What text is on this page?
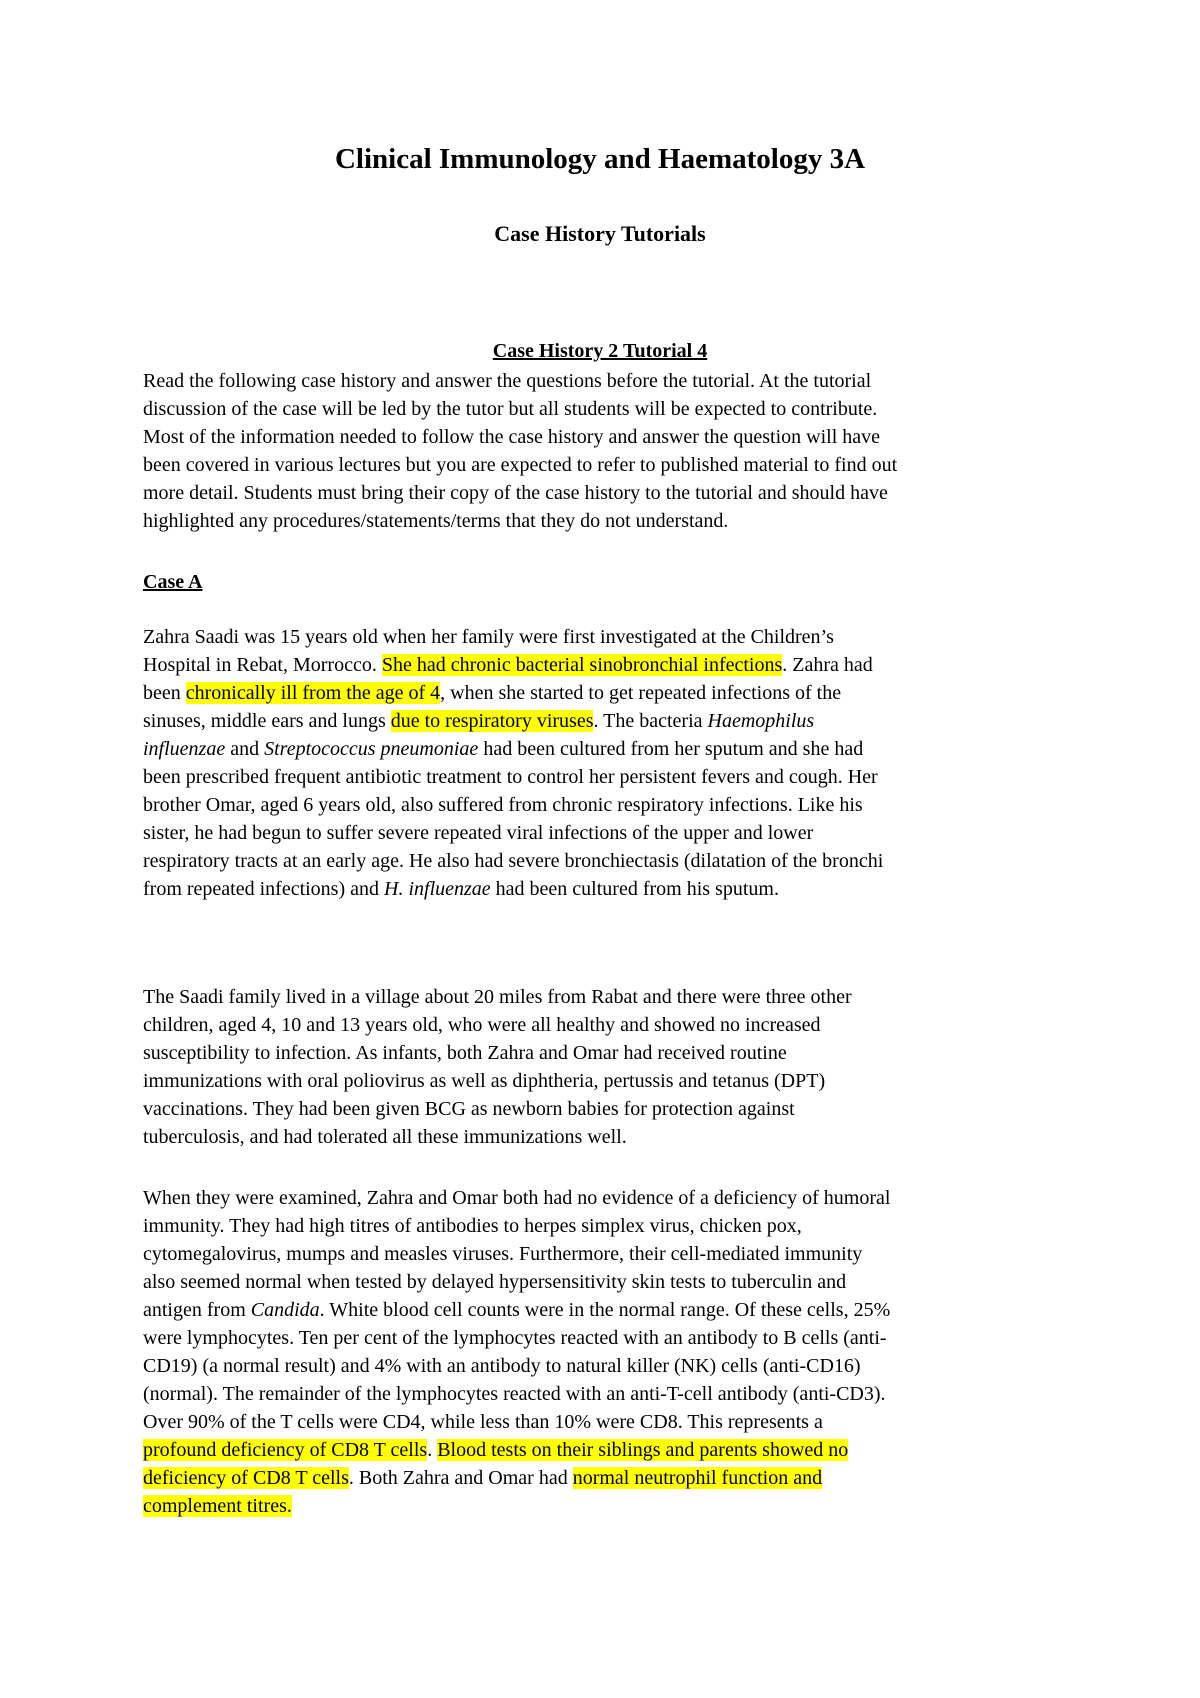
Clinical Immunology and Haematology 3A
Case History Tutorials
Case History 2 Tutorial 4

Read the following case history and answer the questions before the tutorial. At the tutorial
discussion of the case will be led by the tutor but all students will be expected to contribute.
Most of the information needed to follow the case history and answer the question will have
been covered in various lectures but you are expected to refer to published material to find out
more detail. Students must bring their copy of the case history to the tutorial and should have
highlighted any procedures/statements/terms that they do not understand.

Case A

Zahra Saadi was 15 years old when her family were first investigated at the Children’s
Hospital in Rebat, Morrocco. She had chronic bacterial sinobronchial infections. Zahra had
been chronically ill from the age of 4, when she started to get repeated infections of the
sinuses, middle ears and lungs due to respiratory viruses. The bacteria Haemophilus
influenzae and Streptococcus pneumoniae had been cultured from her sputum and she had
been prescribed frequent antibiotic treatment to control her persistent fevers and cough. Her
brother Omar, aged 6 years old, also suffered from chronic respiratory infections. Like his
sister, he had begun to suffer severe repeated viral infections of the upper and lower
respiratory tracts at an early age. He also had severe bronchiectasis (dilatation of the bronchi
from repeated infections) and H. influenzae had been cultured from his sputum.

The Saadi family lived in a village about 20 miles from Rabat and there were three other
children, aged 4, 10 and 13 years old, who were all healthy and showed no increased
susceptibility to infection. As infants, both Zahra and Omar had received routine
immunizations with oral poliovirus as well as diphtheria, pertussis and tetanus (DPT)
vaccinations. They had been given BCG as newborn babies for protection against
tuberculosis, and had tolerated all these immunizations well.

When they were examined, Zahra and Omar both had no evidence of a deficiency of humoral
immunity. They had high titres of antibodies to herpes simplex virus, chicken pox,
cytomegalovirus, mumps and measles viruses. Furthermore, their cell-mediated immunity
also seemed normal when tested by delayed hypersensitivity skin tests to tuberculin and
antigen from Candida. White blood cell counts were in the normal range. Of these cells, 25%
were lymphocytes. Ten per cent of the lymphocytes reacted with an antibody to B cells (anti-
CD19) (a normal result) and 4% with an antibody to natural killer (NK) cells (anti-CD16)
(normal). The remainder of the lymphocytes reacted with an anti-T-cell antibody (anti-CD3).
Over 90% of the T cells were CD4, while less than 10% were CD8. This represents a
profound deficiency of CD8 T cells. Blood tests on their siblings and parents showed no
deficiency of CD8 T cells. Both Zahra and Omar had normal neutrophil function and
complement titres.
